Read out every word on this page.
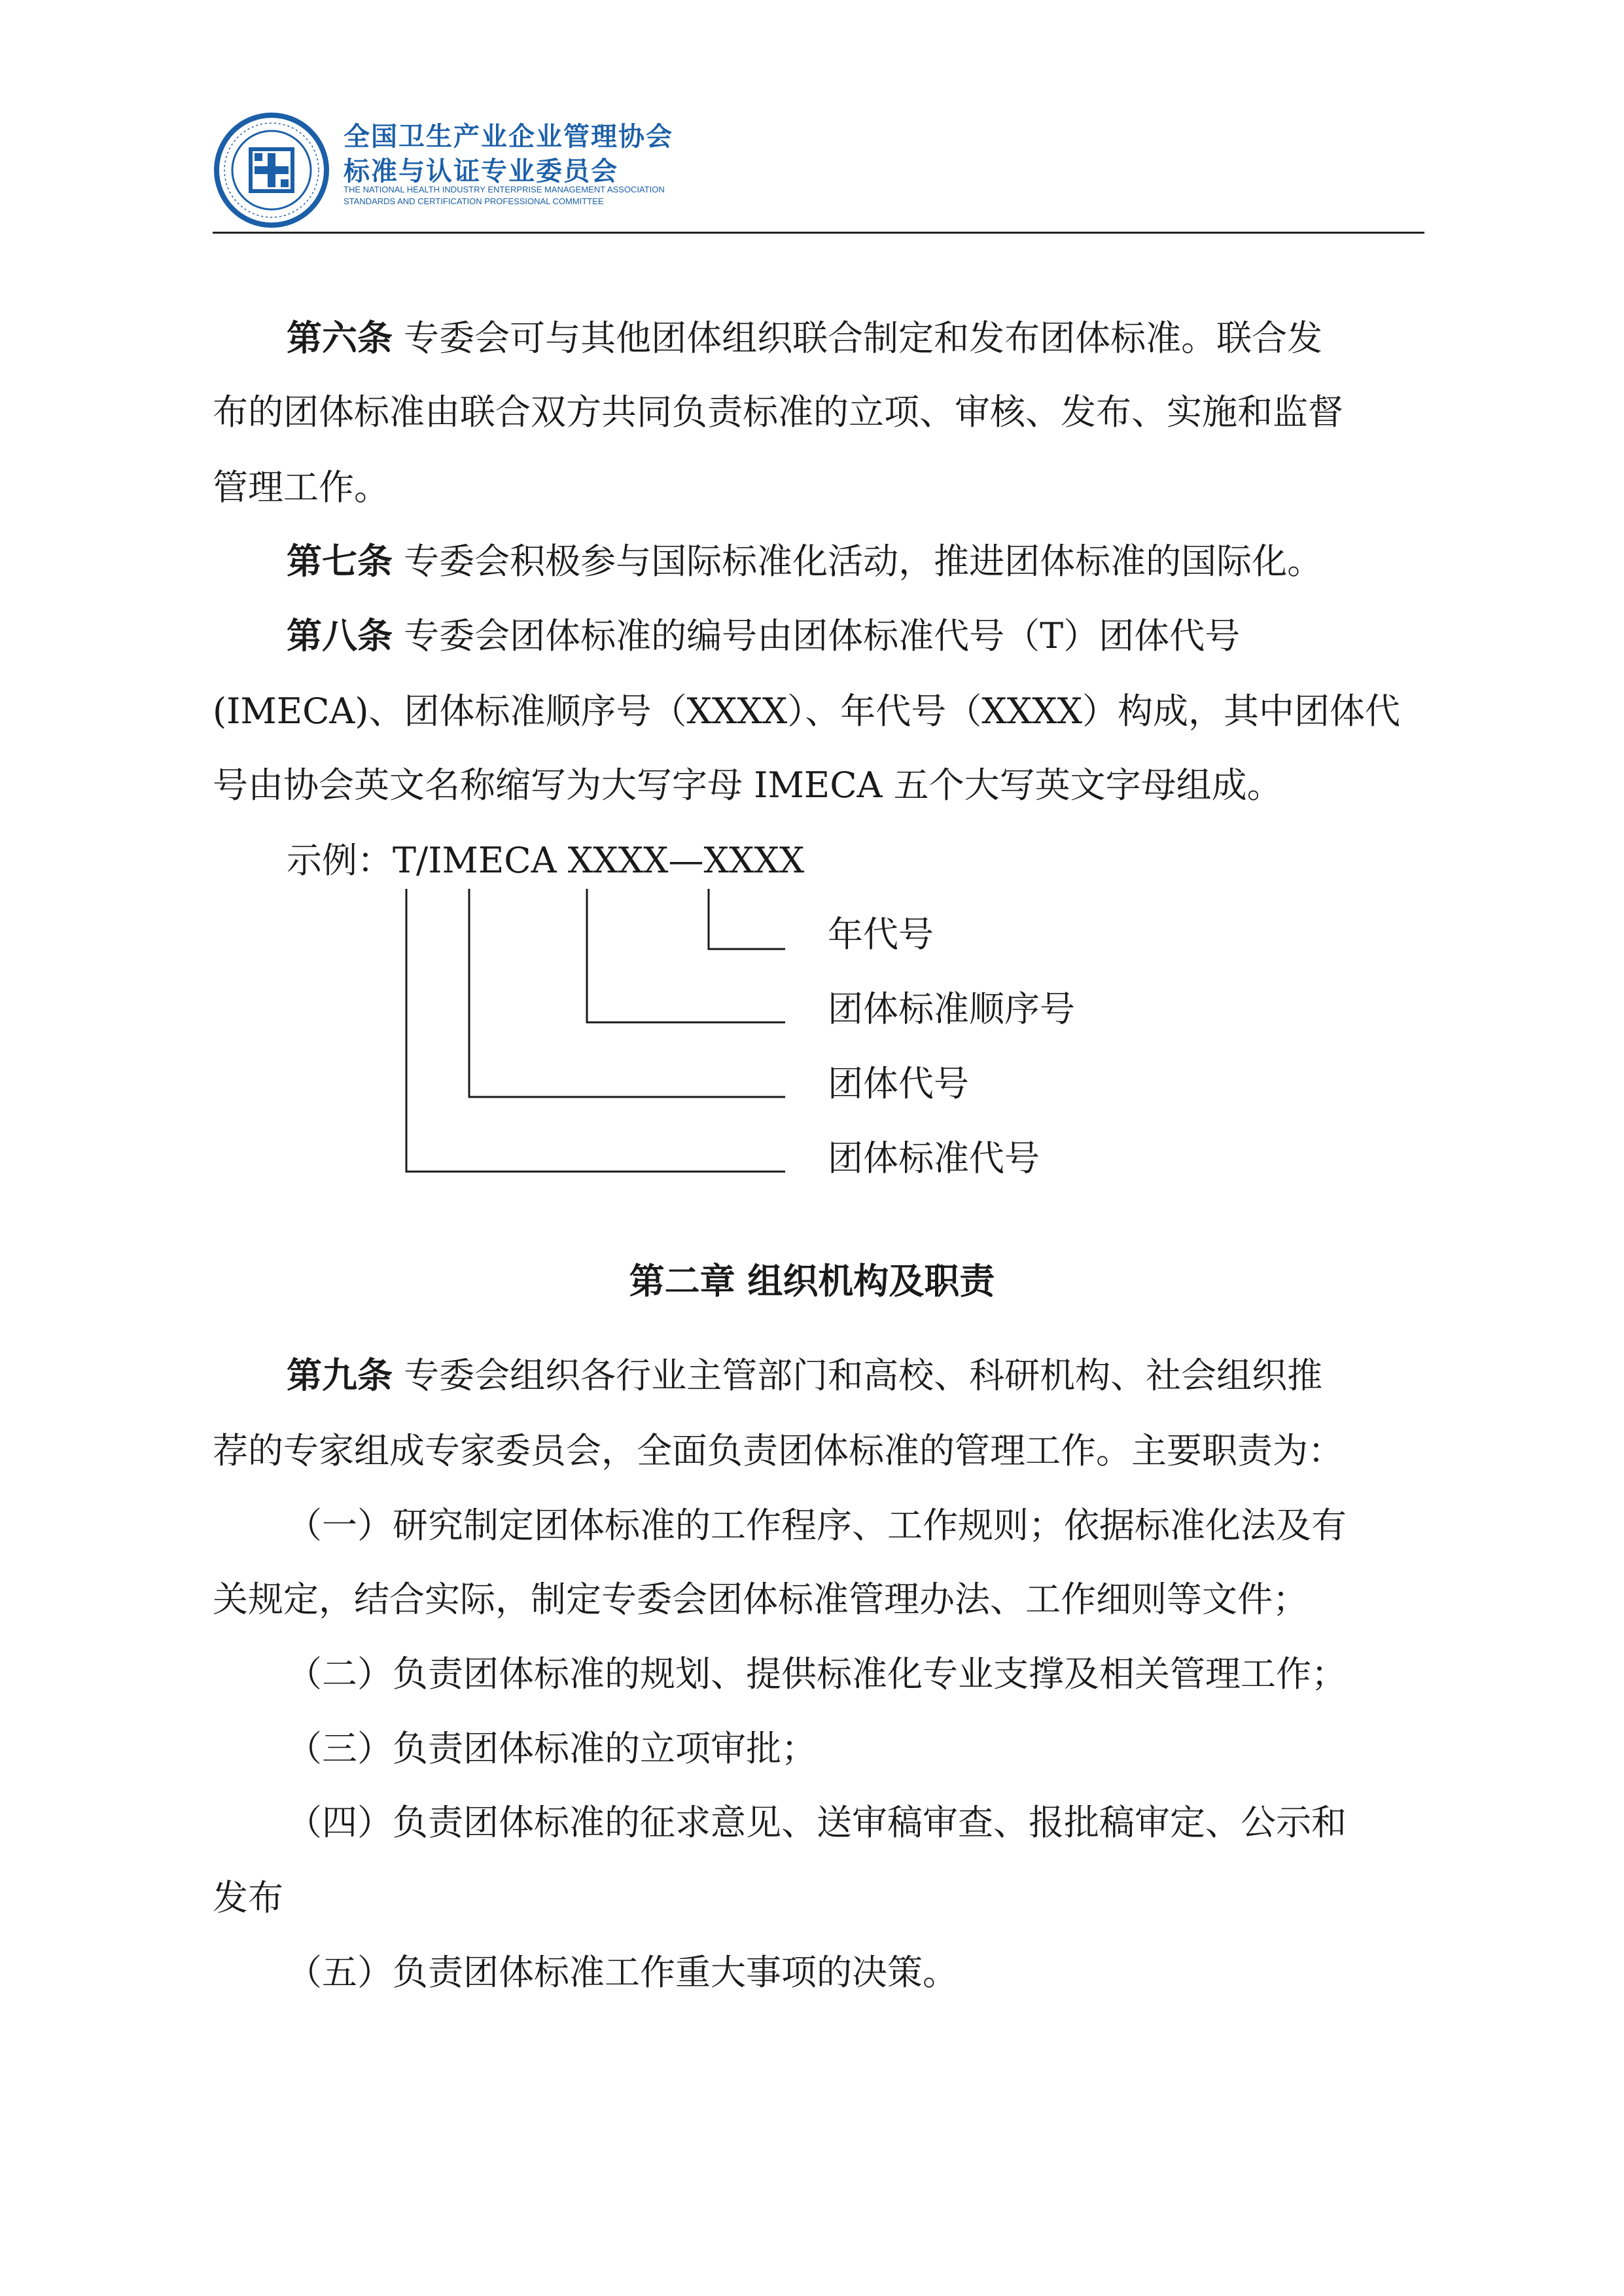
全国卫生产业企业管理协会
标准与认证专业委员会
THE NATIONAL HEALTH INDUSTRY ENTERPRISE MANAGEMENT ASSOCIATION
STANDARDS AND CERTIFICATION PROFESSIONAL COMMITTEE
第六条 专委会可与其他团体组织联合制定和发布团体标准。联合发
布的团体标准由联合双方共同负责标准的立项、审核、发布、实施和监督
管理工作。
第七条 专委会积极参与国际标准化活动，推进团体标准的国际化。
第八条 专委会团体标准的编号由团体标准代号（T）团体代号
(IMECA)、团体标准顺序号（XXXX）、年代号（XXXX）构成，其中团体代
号由协会英文名称缩写为大写字母 IMECA 五个大写英文字母组成。
示例：T/IMECA XXXX—XXXX
年代号
团体标准顺序号
团体代号
团体标准代号
第二章 组织机构及职责
第九条 专委会组织各行业主管部门和高校、科研机构、社会组织推
荐的专家组成专家委员会，全面负责团体标准的管理工作。主要职责为：
（一）研究制定团体标准的工作程序、工作规则；依据标准化法及有
关规定，结合实际，制定专委会团体标准管理办法、工作细则等文件；
（二）负责团体标准的规划、提供标准化专业支撑及相关管理工作；
（三）负责团体标准的立项审批；
（四）负责团体标准的征求意见、送审稿审查、报批稿审定、公示和
发布
（五）负责团体标准工作重大事项的决策。
